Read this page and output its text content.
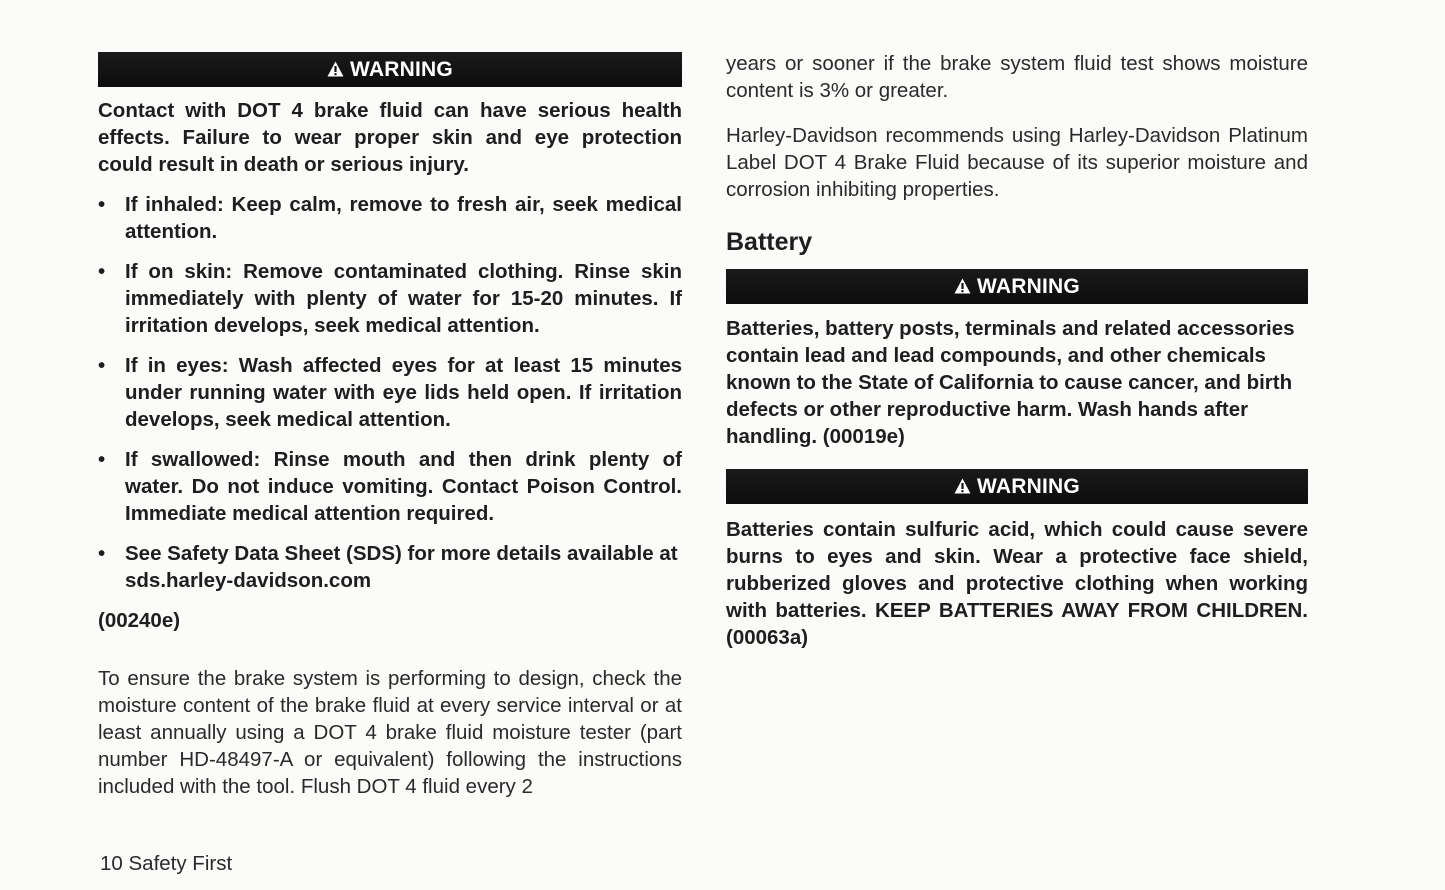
WARNING

Contact with DOT 4 brake fluid can have serious health effects. Failure to wear proper skin and eye protection could result in death or serious injury.

• If inhaled: Keep calm, remove to fresh air, seek medical attention.
• If on skin: Remove contaminated clothing. Rinse skin immediately with plenty of water for 15-20 minutes. If irritation develops, seek medical attention.
• If in eyes: Wash affected eyes for at least 15 minutes under running water with eye lids held open. If irritation develops, seek medical attention.
• If swallowed: Rinse mouth and then drink plenty of water. Do not induce vomiting. Contact Poison Control. Immediate medical attention required.
• See Safety Data Sheet (SDS) for more details available at sds.harley-davidson.com

(00240e)

To ensure the brake system is performing to design, check the moisture content of the brake fluid at every service interval or at least annually using a DOT 4 brake fluid moisture tester (part number HD-48497-A or equivalent) following the instructions included with the tool. Flush DOT 4 fluid every 2

years or sooner if the brake system fluid test shows moisture content is 3% or greater.

Harley-Davidson recommends using Harley-Davidson Platinum Label DOT 4 Brake Fluid because of its superior moisture and corrosion inhibiting properties.

Battery
WARNING

Batteries, battery posts, terminals and related accessories contain lead and lead compounds, and other chemicals known to the State of California to cause cancer, and birth defects or other reproductive harm. Wash hands after handling. (00019e)

WARNING

Batteries contain sulfuric acid, which could cause severe burns to eyes and skin. Wear a protective face shield, rubberized gloves and protective clothing when working with batteries. KEEP BATTERIES AWAY FROM CHILDREN. (00063a)

10 Safety First
